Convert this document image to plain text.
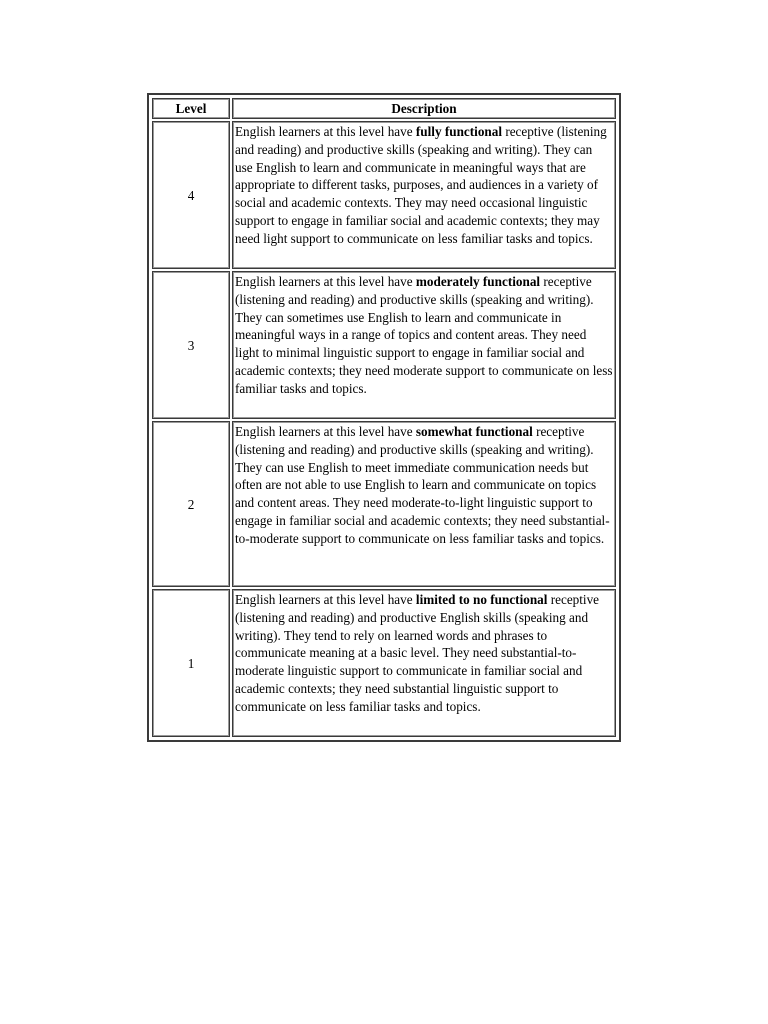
Level	Description
4	English learners at this level have fully functional receptive (listening and reading) and productive skills (speaking and writing). They can use English to learn and communicate in meaningful ways that are appropriate to different tasks, purposes, and audiences in a variety of social and academic contexts. They may need occasional linguistic support to engage in familiar social and academic contexts; they may need light support to communicate on less familiar tasks and topics.
3	English learners at this level have moderately functional receptive (listening and reading) and productive skills (speaking and writing). They can sometimes use English to learn and communicate in meaningful ways in a range of topics and content areas. They need light to minimal linguistic support to engage in familiar social and academic contexts; they need moderate support to communicate on less familiar tasks and topics.
2	English learners at this level have somewhat functional receptive (listening and reading) and productive skills (speaking and writing). They can use English to meet immediate communication needs but often are not able to use English to learn and communicate on topics and content areas. They need moderate-to-light linguistic support to engage in familiar social and academic contexts; they need substantial-to-moderate support to communicate on less familiar tasks and topics.
1	English learners at this level have limited to no functional receptive (listening and reading) and productive English skills (speaking and writing). They tend to rely on learned words and phrases to communicate meaning at a basic level. They need substantial-to-moderate linguistic support to communicate in familiar social and academic contexts; they need substantial linguistic support to communicate on less familiar tasks and topics.
